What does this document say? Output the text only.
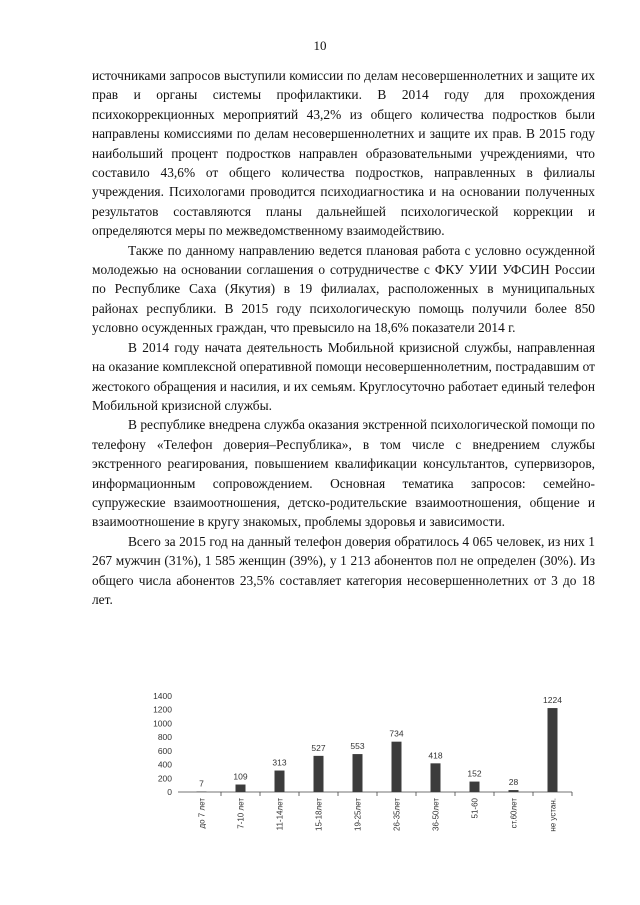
10

источниками запросов выступили комиссии по делам несовершеннолетних и защите их прав и органы системы профилактики. В 2014 году для прохождения психокоррекционных мероприятий 43,2% из общего количества подростков были направлены комиссиями по делам несовершеннолетних и защите их прав. В 2015 году наибольший процент подростков направлен образовательными учреждениями, что составило 43,6% от общего количества подростков, направленных в филиалы учреждения. Психологами проводится психодиагностика и на основании полученных результатов составляются планы дальнейшей психологической коррекции и определяются меры по межведомственному взаимодействию.

Также по данному направлению ведется плановая работа с условно осужденной молодежью на основании соглашения о сотрудничестве с ФКУ УИИ УФСИН России по Республике Саха (Якутия) в 19 филиалах, расположенных в муниципальных районах республики. В 2015 году психологическую помощь получили более 850 условно осужденных граждан, что превысило на 18,6% показатели 2014 г.

В 2014 году начата деятельность Мобильной кризисной службы, направленная на оказание комплексной оперативной помощи несовершеннолетним, пострадавшим от жестокого обращения и насилия, и их семьям. Круглосуточно работает единый телефон Мобильной кризисной службы.

В республике внедрена служба оказания экстренной психологической помощи по телефону «Телефон доверия–Республика», в том числе с внедрением службы экстренного реагирования, повышением квалификации консультантов, супервизоров, информационным сопровождением. Основная тематика запросов: семейно-супружеские взаимоотношения, детско-родительские взаимоотношения, общение и взаимоотношение в кругу знакомых, проблемы здоровья и зависимости.

Всего за 2015 год на данный телефон доверия обратилось 4 065 человек, из них 1 267 мужчин (31%), 1 585 женщин (39%), у 1 213 абонентов пол не определен (30%). Из общего числа абонентов 23,5% составляет категория несовершеннолетних от 3 до 18 лет.

0
200
400
600
800
1000
1200
1400
7
до 7 лет
109
7-10 лет
313
11-14лет
527
15-18лет
553
19-25лет
734
26-35лет
418
36-50лет
152
51-60
28
ст.60лет
1224
не устан.
